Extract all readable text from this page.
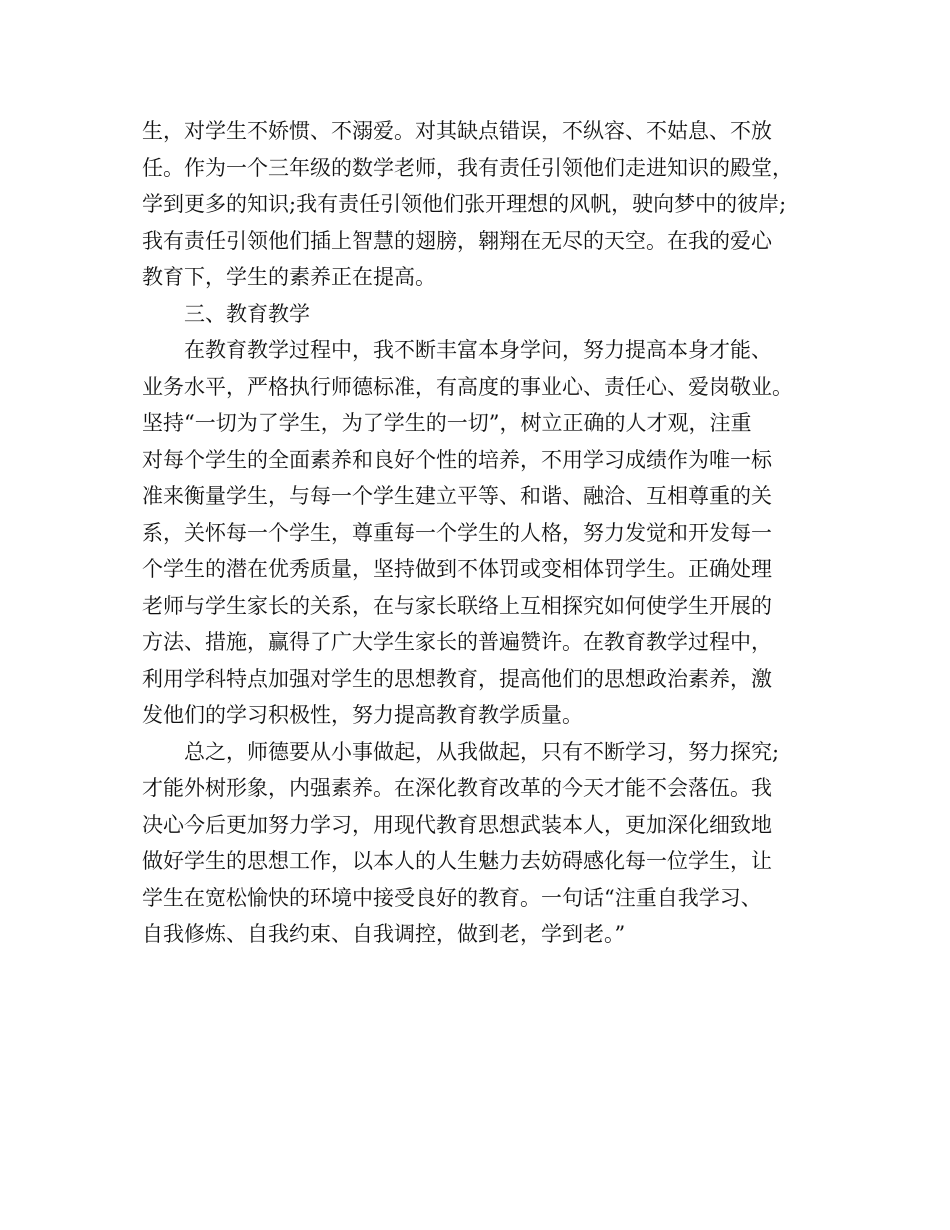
生，对学生不娇惯、不溺爱。对其缺点错误，不纵容、不姑息、不放
任。作为一个三年级的数学老师，我有责任引领他们走进知识的殿堂，
学到更多的知识;我有责任引领他们张开理想的风帆，驶向梦中的彼岸;
我有责任引领他们插上智慧的翅膀，翱翔在无尽的天空。在我的爱心
教育下，学生的素养正在提高。
三、教育教学
在教育教学过程中，我不断丰富本身学问，努力提高本身才能、
业务水平，严格执行师德标准，有高度的事业心、责任心、爱岗敬业。
坚持“一切为了学生，为了学生的一切”，树立正确的人才观，注重
对每个学生的全面素养和良好个性的培养，不用学习成绩作为唯一标
准来衡量学生，与每一个学生建立平等、和谐、融洽、互相尊重的关
系，关怀每一个学生，尊重每一个学生的人格，努力发觉和开发每一
个学生的潜在优秀质量，坚持做到不体罚或变相体罚学生。正确处理
老师与学生家长的关系，在与家长联络上互相探究如何使学生开展的
方法、措施，赢得了广大学生家长的普遍赞许。在教育教学过程中，
利用学科特点加强对学生的思想教育，提高他们的思想政治素养，激
发他们的学习积极性，努力提高教育教学质量。
总之，师德要从小事做起，从我做起，只有不断学习，努力探究;
才能外树形象，内强素养。在深化教育改革的今天才能不会落伍。我
决心今后更加努力学习，用现代教育思想武装本人，更加深化细致地
做好学生的思想工作，以本人的人生魅力去妨碍感化每一位学生，让
学生在宽松愉快的环境中接受良好的教育。一句话“注重自我学习、
自我修炼、自我约束、自我调控，做到老，学到老。”
